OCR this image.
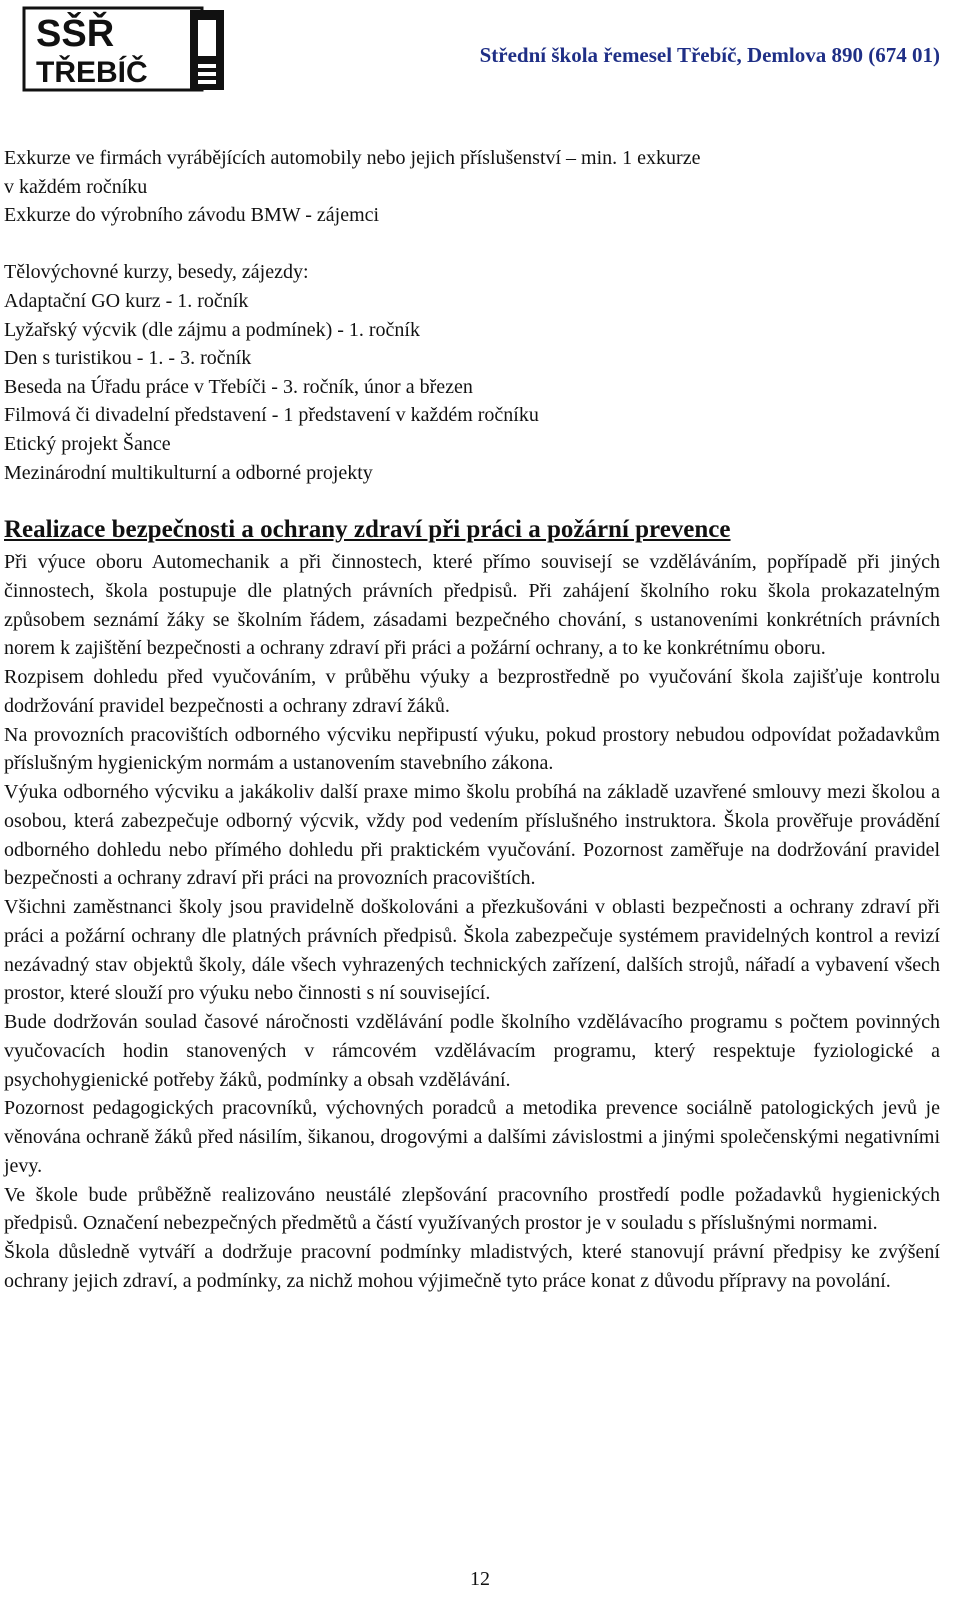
SŠŘ
TŘEBÍČ
Střední škola řemesel Třebíč, Demlova 890 (674 01)
Exkurze ve firmách vyrábějících automobily nebo jejich příslušenství – min. 1 exkurze
v každém ročníku
Exkurze do výrobního závodu BMW - zájemci
Tělovýchovné kurzy, besedy, zájezdy:
Adaptační GO kurz - 1. ročník
Lyžařský výcvik (dle zájmu a podmínek) - 1. ročník
Den s turistikou - 1. - 3. ročník
Beseda na Úřadu práce v Třebíči - 3. ročník, únor a březen
Filmová či divadelní představení - 1 představení v každém ročníku
Etický projekt Šance
Mezinárodní multikulturní a odborné projekty
Realizace bezpečnosti a ochrany zdraví při práci a požární prevence

Při výuce oboru Automechanik a při činnostech, které přímo souvisejí se vzděláváním, popřípadě při jiných činnostech, škola postupuje dle platných právních předpisů. Při zahájení školního roku škola prokazatelným způsobem seznámí žáky se školním řádem, zásadami bezpečného chování, s ustanoveními konkrétních právních norem k zajištění bezpečnosti a ochrany zdraví při práci a požární ochrany, a to ke konkrétnímu oboru.

Rozpisem dohledu před vyučováním, v průběhu výuky a bezprostředně po vyučování škola zajišťuje kontrolu dodržování pravidel bezpečnosti a ochrany zdraví žáků.

Na provozních pracovištích odborného výcviku nepřipustí výuku, pokud prostory nebudou odpovídat požadavkům příslušným hygienickým normám a ustanovením stavebního zákona.

Výuka odborného výcviku a jakákoliv další praxe mimo školu probíhá na základě uzavřené smlouvy mezi školou a osobou, která zabezpečuje odborný výcvik, vždy pod vedením příslušného instruktora. Škola prověřuje provádění odborného dohledu nebo přímého dohledu při praktickém vyučování. Pozornost zaměřuje na dodržování pravidel bezpečnosti a ochrany zdraví při práci na provozních pracovištích.

Všichni zaměstnanci školy jsou pravidelně doškolováni a přezkušováni v oblasti bezpečnosti a ochrany zdraví při práci a požární ochrany dle platných právních předpisů. Škola zabezpečuje systémem pravidelných kontrol a revizí nezávadný stav objektů školy, dále všech vyhrazených technických zařízení, dalších strojů, nářadí a vybavení všech prostor, které slouží pro výuku nebo činnosti s ní související.

Bude dodržován soulad časové náročnosti vzdělávání podle školního vzdělávacího programu s počtem povinných vyučovacích hodin stanovených v rámcovém vzdělávacím programu, který respektuje fyziologické a psychohygienické potřeby žáků, podmínky a obsah vzdělávání.

Pozornost pedagogických pracovníků, výchovných poradců a metodika prevence sociálně patologických jevů je věnována ochraně žáků před násilím, šikanou, drogovými a dalšími závislostmi a jinými společenskými negativními jevy.

Ve škole bude průběžně realizováno neustálé zlepšování pracovního prostředí podle požadavků hygienických předpisů. Označení nebezpečných předmětů a částí využívaných prostor je v souladu s příslušnými normami.

Škola důsledně vytváří a dodržuje pracovní podmínky mladistvých, které stanovují právní předpisy ke zvýšení ochrany jejich zdraví, a podmínky, za nichž mohou výjimečně tyto práce konat z důvodu přípravy na povolání.

12
